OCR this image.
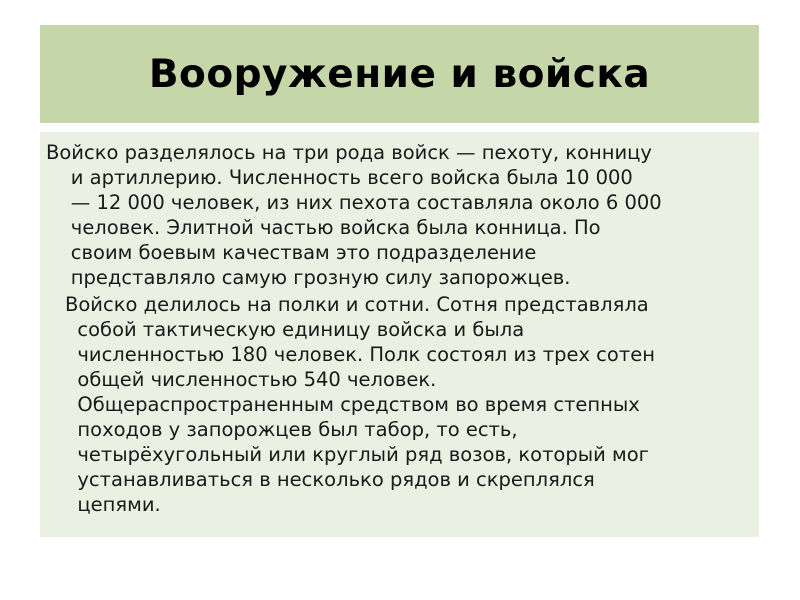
Вооружение и войска

Войско разделялось на три рода войск — пехоту, конницу
и артиллерию. Численность всего войска была 10 000
— 12 000 человек, из них пехота составляла около 6 000
человек. Элитной частью войска была конница. По
своим боевым качествам это подразделение
представляло самую грозную силу запорожцев.

Войско делилось на полки и сотни. Сотня представляла
собой тактическую единицу войска и была
численностью 180 человек. Полк состоял из трех сотен
общей численностью 540 человек.
Общераспространенным средством во время степных
походов у запорожцев был табор, то есть,
четырёхугольный или круглый ряд возов, который мог
устанавливаться в несколько рядов и скреплялся
цепями.
